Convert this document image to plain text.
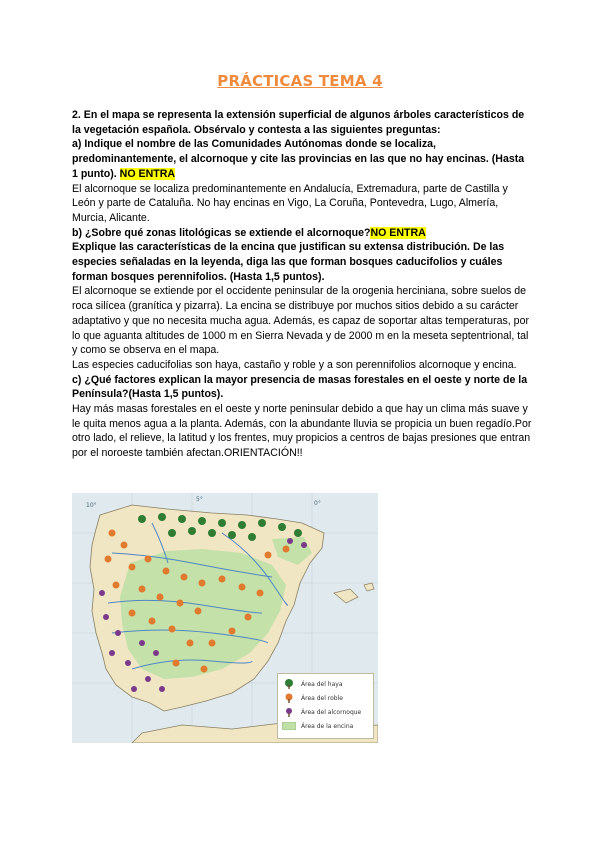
PRÁCTICAS TEMA 4

2. En el mapa se representa la extensión superficial de algunos árboles característicos de la vegetación española. Obsérvalo y contesta a las siguientes preguntas:

a) Indique el nombre de las Comunidades Autónomas donde se localiza, predominantemente, el alcornoque y cite las provincias en las que no hay encinas. (Hasta 1 punto). NO ENTRA

El alcornoque se localiza predominantemente en Andalucía, Extremadura, parte de Castilla y León y parte de Cataluña. No hay encinas en Vigo, La Coruña, Pontevedra, Lugo, Almería, Murcia, Alicante.

b) ¿Sobre qué zonas litológicas se extiende el alcornoque?NO ENTRA

Explique las características de la encina que justifican su extensa distribución. De las especies señaladas en la leyenda, diga las que forman bosques caducifolios y cuáles forman bosques perennifolios. (Hasta 1,5 puntos).

El alcornoque se extiende por el occidente peninsular de la orogenia herciniana, sobre suelos de roca silícea (granítica y pizarra). La encina se distribuye por muchos sitios debido a su carácter adaptativo y que no necesita mucha agua. Además, es capaz de soportar altas temperaturas, por lo que aguanta altitudes de 1000 m en Sierra Nevada y de 2000 m en la meseta septentrional, tal y como se observa en el mapa.

Las especies caducifolias son haya, castaño y roble y a son perennifolios alcornoque y encina.

c) ¿Qué factores explican la mayor presencia de masas forestales en el oeste y norte de la Península?(Hasta 1,5 puntos).

Hay más masas forestales en el oeste y norte peninsular debido a que hay un clima más suave y le quita menos agua a la planta. Además, con la abundante lluvia se propicia un buen regadío.Por otro lado, el relieve, la latitud y los frentes, muy propicios a centros de bajas presiones que entran por el noroeste también afectan.ORIENTACIÓN!!

10°
5°
0°
Área del haya
Área del roble
Área del alcornoque
Área de la encina
